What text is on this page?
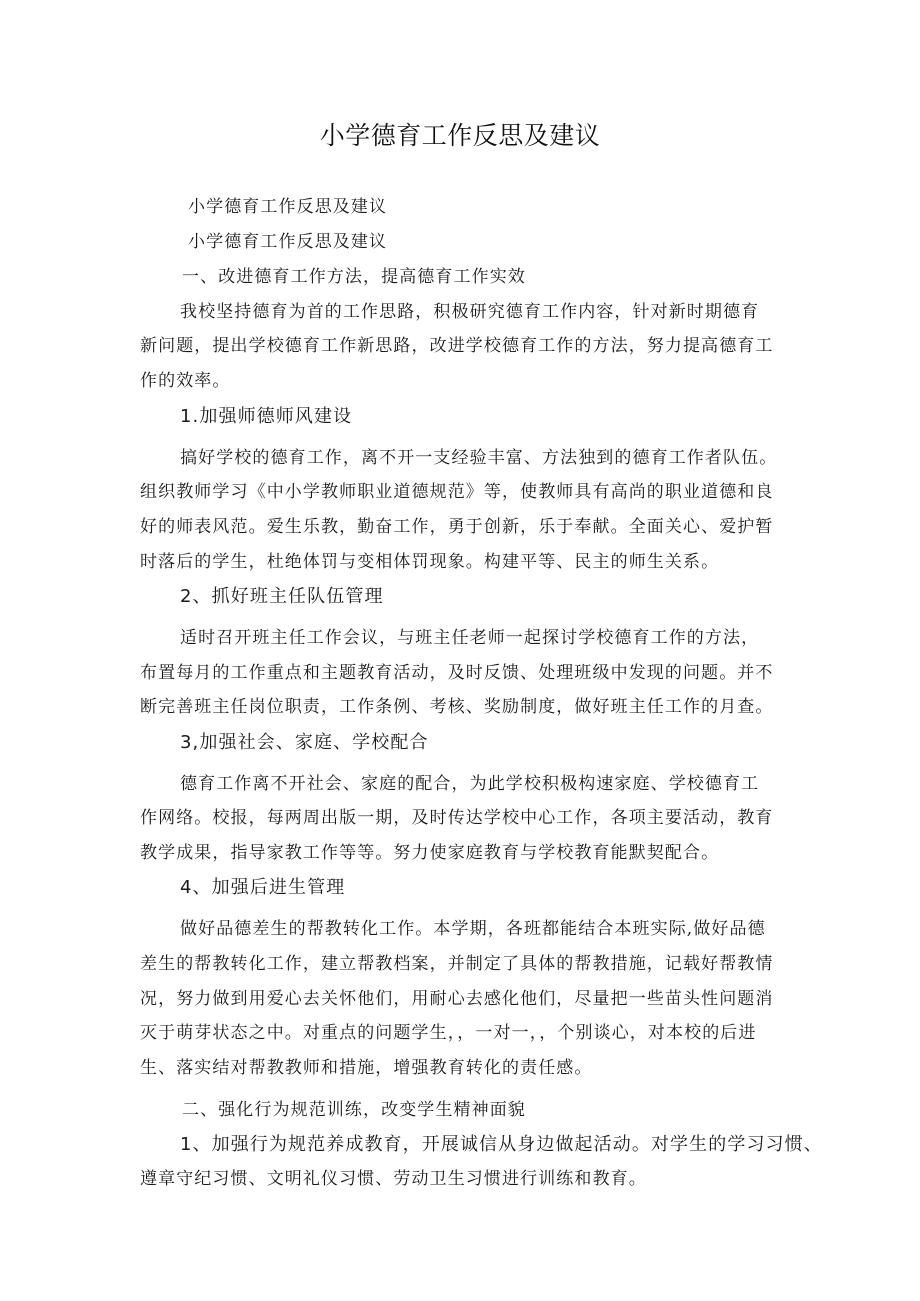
小学德育工作反思及建议
小学德育工作反思及建议
小学德育工作反思及建议
一、改进德育工作方法，提高德育工作实效
我校坚持德育为首的工作思路，积极研究德育工作内容，针对新时期德育
新问题，提出学校德育工作新思路，改进学校德育工作的方法，努力提高德育工
作的效率。
1.加强师德师风建设
搞好学校的德育工作，离不开一支经验丰富、方法独到的德育工作者队伍。
组织教师学习《中小学教师职业道德规范》等，使教师具有高尚的职业道德和良
好的师表风范。爱生乐教，勤奋工作，勇于创新，乐于奉献。全面关心、爱护暂
时落后的学生，杜绝体罚与变相体罚现象。构建平等、民主的师生关系。
2、抓好班主任队伍管理
适时召开班主任工作会议，与班主任老师一起探讨学校德育工作的方法，
布置每月的工作重点和主题教育活动，及时反馈、处理班级中发现的问题。并不
断完善班主任岗位职责，工作条例、考核、奖励制度，做好班主任工作的月查。
3,加强社会、家庭、学校配合
德育工作离不开社会、家庭的配合，为此学校积极构速家庭、学校德育工
作网络。校报，每两周出版一期，及时传达学校中心工作，各项主要活动，教育
教学成果，指导家教工作等等。努力使家庭教育与学校教育能默契配合。
4、加强后进生管理
做好品德差生的帮教转化工作。本学期，各班都能结合本班实际,做好品德
差生的帮教转化工作，建立帮教档案，并制定了具体的帮教措施，记载好帮教情
况，努力做到用爱心去关怀他们，用耐心去感化他们，尽量把一些苗头性问题消
灭于萌芽状态之中。对重点的问题学生，，一对一，，个别谈心，对本校的后进
生、落实结对帮教教师和措施，增强教育转化的责任感。
二、强化行为规范训练，改变学生精神面貌
1、加强行为规范养成教育，开展诚信从身边做起活动。对学生的学习习惯、
遵章守纪习惯、文明礼仪习惯、劳动卫生习惯进行训练和教育。
